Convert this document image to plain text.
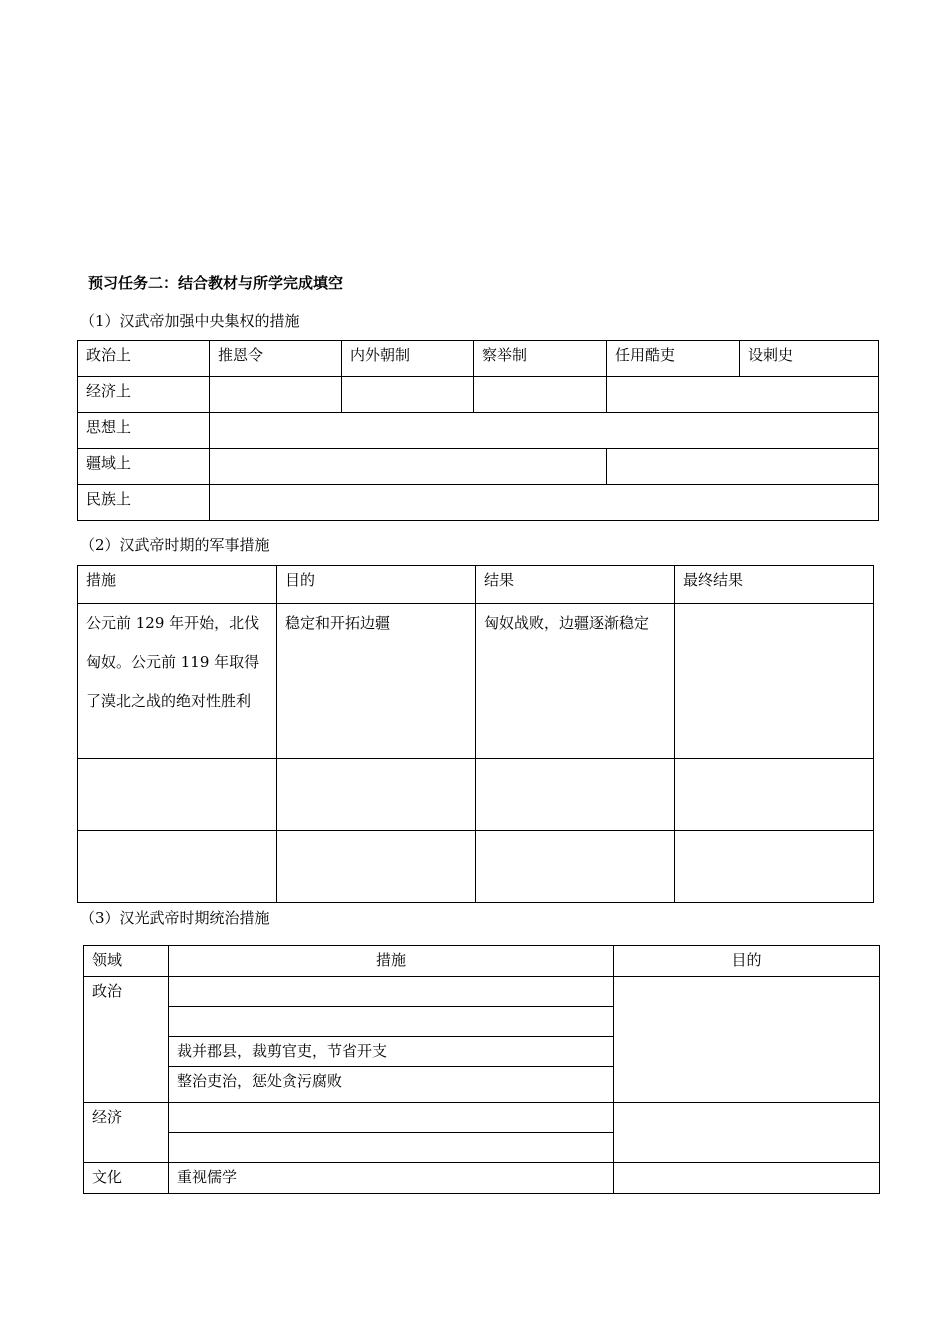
预习任务二：结合教材与所学完成填空
（1）汉武帝加强中央集权的措施
政治上	推恩令	内外朝制	察举制	任用酷吏	设刺史
经济上					
思想上					
疆域上					

民族上					
（2）汉武帝时期的军事措施
措施	目的	结果	最终结果

公元前 129 年开始，北伐匈奴。公元前 119 年取得了漠北之战的绝对性胜利	稳定和开拓边疆	匈奴战败，边疆逐渐稳定	

（3）汉光武帝时期统治措施
领域	措施	目的
政治		

	裁并郡县，裁剪官吏，节省开支	
	整治吏治，惩处贪污腐败	
经济		

文化	重视儒学	
